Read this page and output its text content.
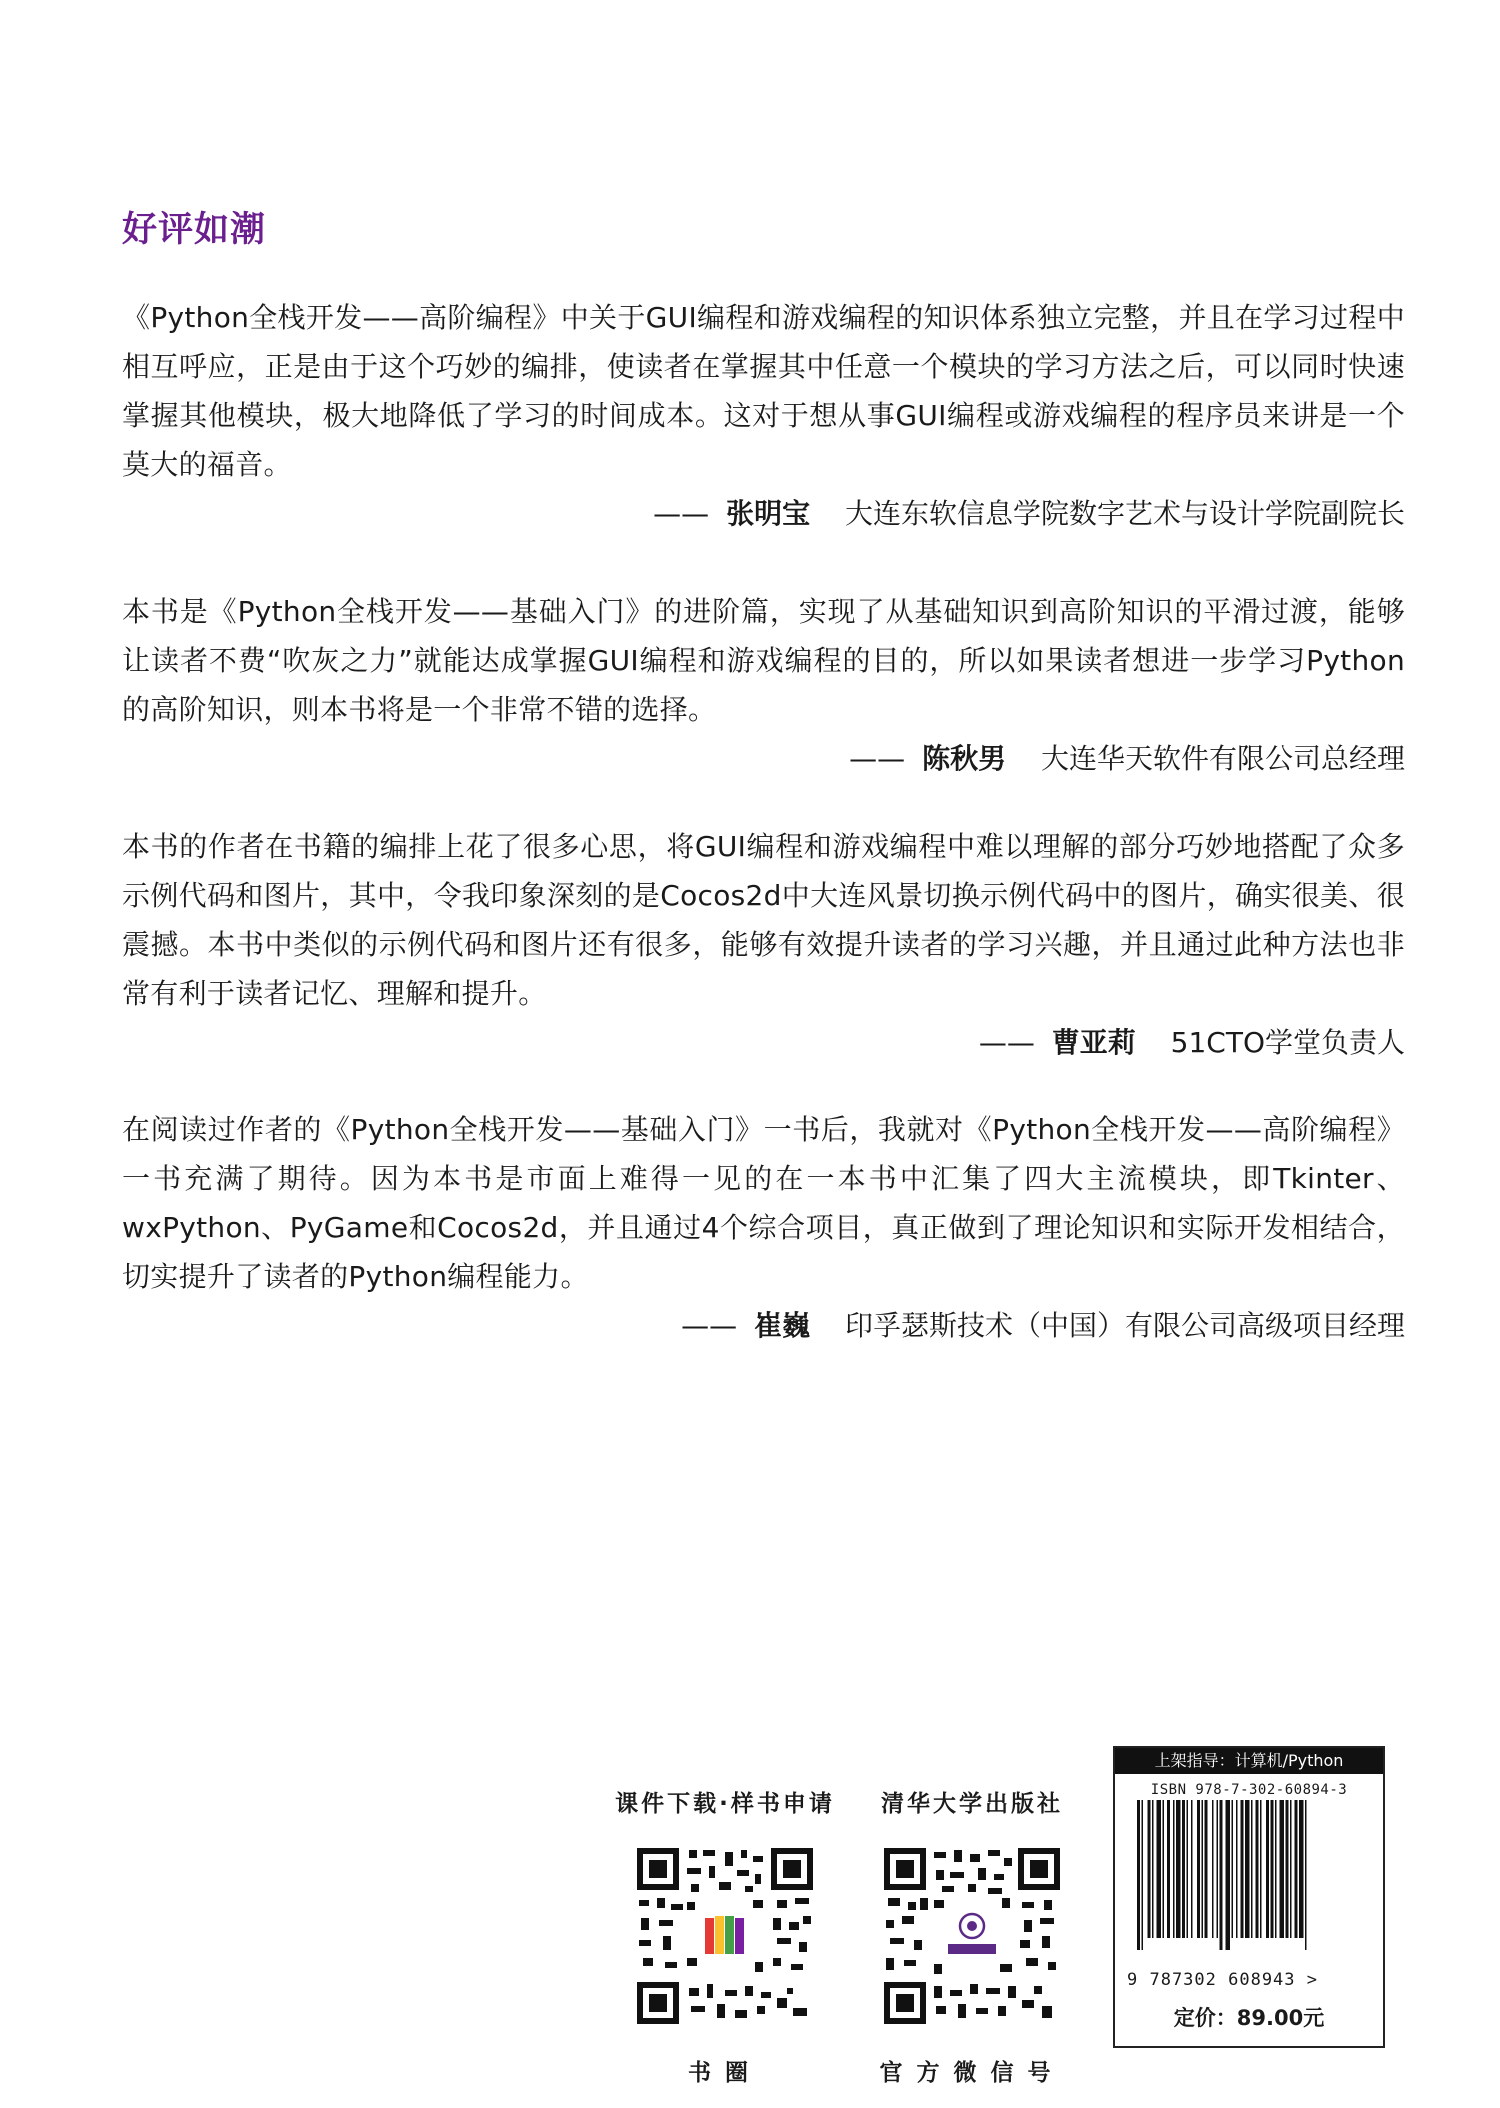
好评如潮

《Python全栈开发——高阶编程》中关于GUI编程和游戏编程的知识体系独立完整，并且在学习过程中相互呼应，正是由于这个巧妙的编排，使读者在掌握其中任意一个模块的学习方法之后，可以同时快速掌握其他模块，极大地降低了学习的时间成本。这对于想从事GUI编程或游戏编程的程序员来讲是一个莫大的福音。

—— 张明宝 大连东软信息学院数字艺术与设计学院副院长

本书是《Python全栈开发——基础入门》的进阶篇，实现了从基础知识到高阶知识的平滑过渡，能够让读者不费“吹灰之力”就能达成掌握GUI编程和游戏编程的目的，所以如果读者想进一步学习Python的高阶知识，则本书将是一个非常不错的选择。

—— 陈秋男 大连华天软件有限公司总经理

本书的作者在书籍的编排上花了很多心思，将GUI编程和游戏编程中难以理解的部分巧妙地搭配了众多示例代码和图片，其中，令我印象深刻的是Cocos2d中大连风景切换示例代码中的图片，确实很美、很震撼。本书中类似的示例代码和图片还有很多，能够有效提升读者的学习兴趣，并且通过此种方法也非常有利于读者记忆、理解和提升。

—— 曹亚莉 51CTO学堂负责人

在阅读过作者的《Python全栈开发——基础入门》一书后，我就对《Python全栈开发——高阶编程》一书充满了期待。因为本书是市面上难得一见的在一本书中汇集了四大主流模块，即Tkinter、wxPython、PyGame和Cocos2d，并且通过4个综合项目，真正做到了理论知识和实际开发相结合，切实提升了读者的Python编程能力。

—— 崔巍 印孚瑟斯技术（中国）有限公司高级项目经理
课件下载·样书申请
书圈
清华大学出版社
官方微信号
上架指导：计算机/Python
ISBN 978-7-302-60894-3
9 787302 608943 >
定价：89.00元
